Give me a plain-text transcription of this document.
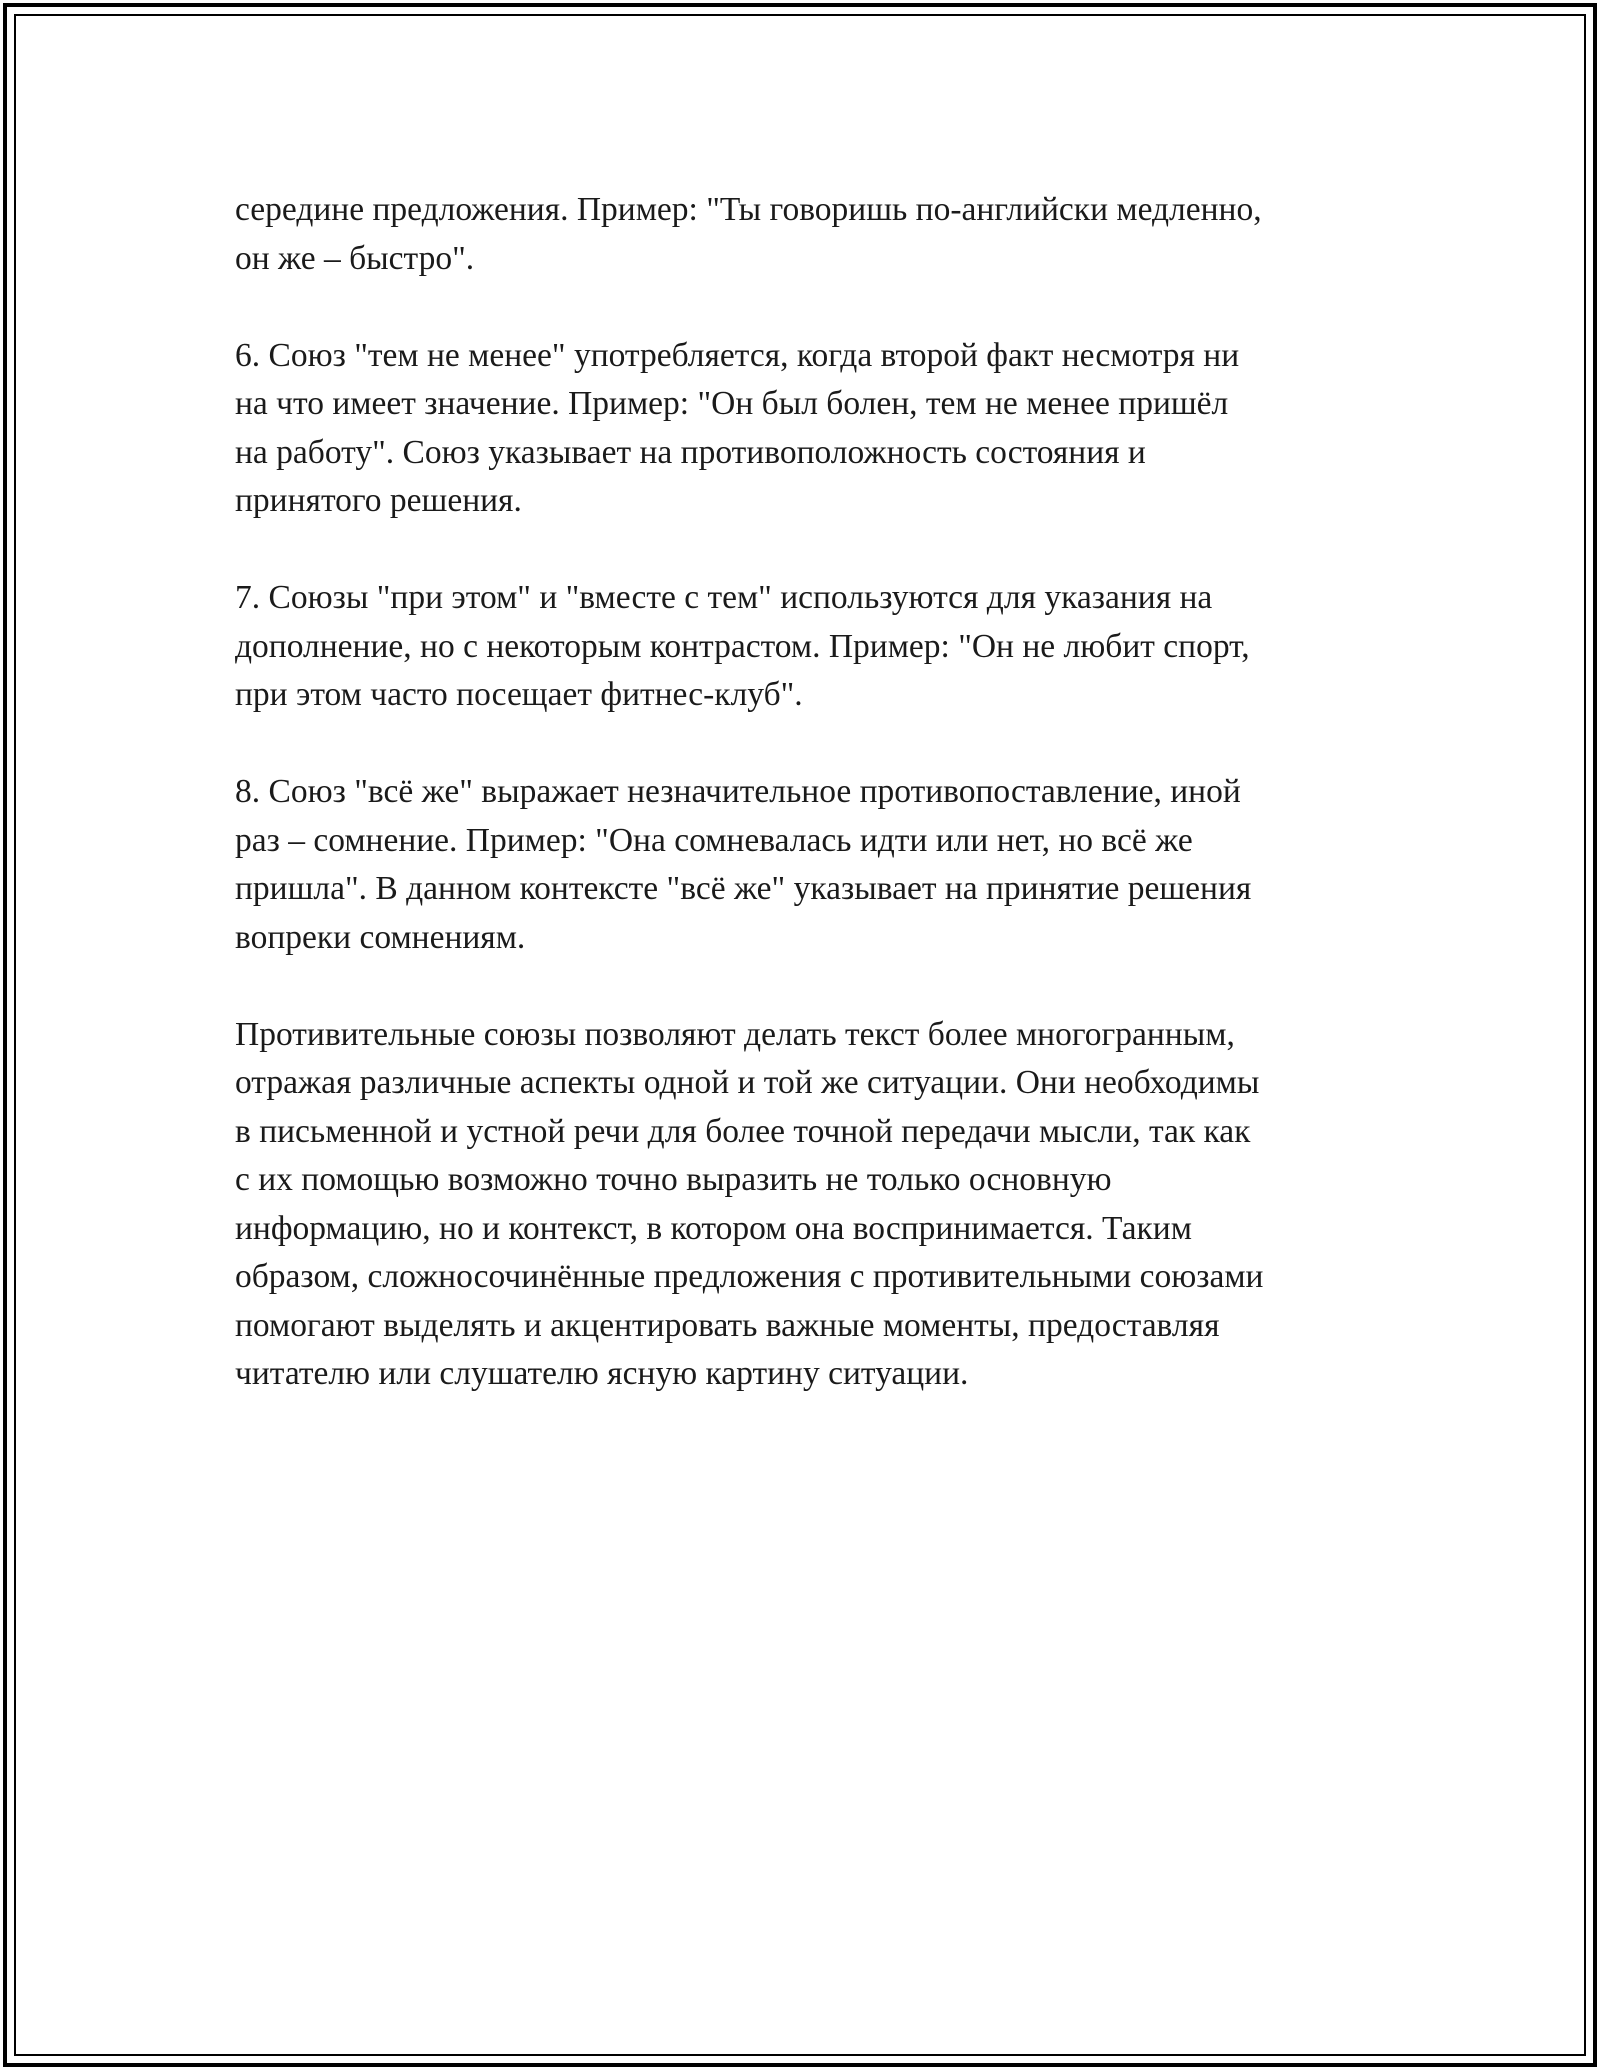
середине предложения. Пример: "Ты говоришь по-английски медленно,
он же – быстро".

6. Союз "тем не менее" употребляется, когда второй факт несмотря ни
на что имеет значение. Пример: "Он был болен, тем не менее пришёл
на работу". Союз указывает на противоположность состояния и
принятого решения.

7. Союзы "при этом" и "вместе с тем" используются для указания на
дополнение, но с некоторым контрастом. Пример: "Он не любит спорт,
при этом часто посещает фитнес-клуб".

8. Союз "всё же" выражает незначительное противопоставление, иной
раз – сомнение. Пример: "Она сомневалась идти или нет, но всё же
пришла". В данном контексте "всё же" указывает на принятие решения
вопреки сомнениям.

Противительные союзы позволяют делать текст более многогранным,
отражая различные аспекты одной и той же ситуации. Они необходимы
в письменной и устной речи для более точной передачи мысли, так как
с их помощью возможно точно выразить не только основную
информацию, но и контекст, в котором она воспринимается. Таким
образом, сложносочинённые предложения с противительными союзами
помогают выделять и акцентировать важные моменты, предоставляя
читателю или слушателю ясную картину ситуации.
